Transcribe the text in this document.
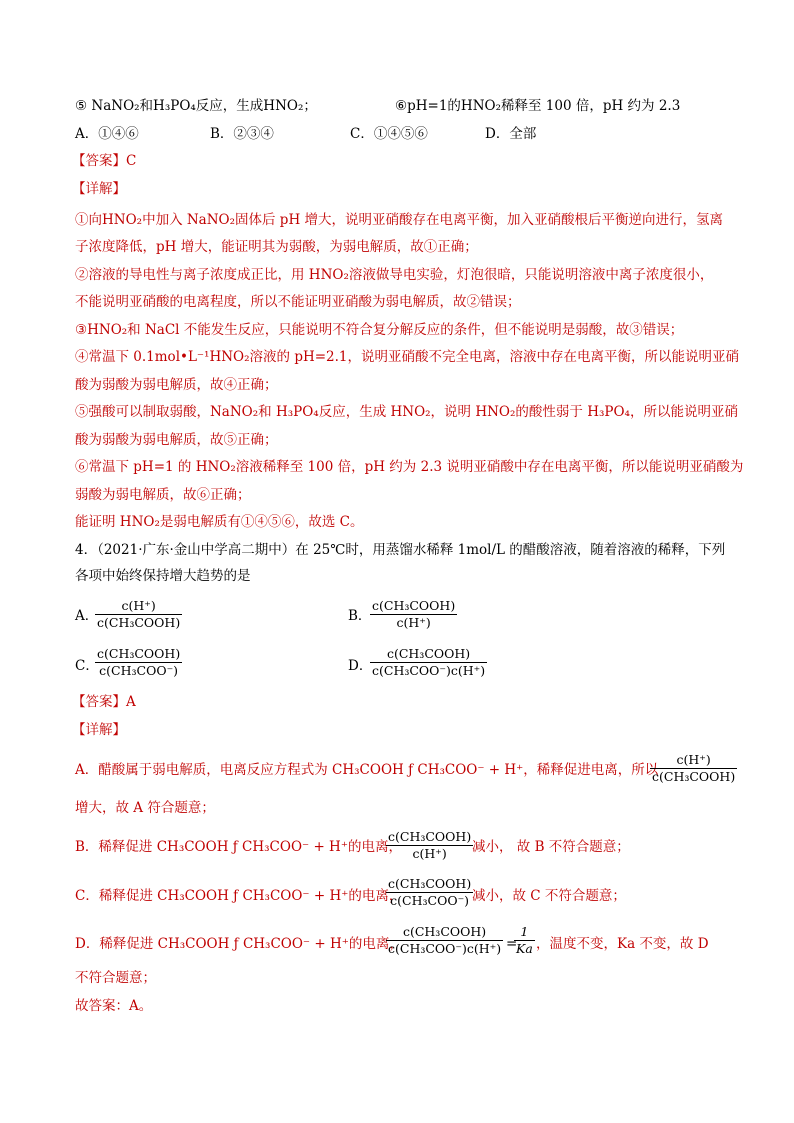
⑤ NaNO₂和H₃PO₄反应，生成HNO₂；	⑥pH=1的HNO₂稀释至 100 倍，pH 约为 2.3
A．①④⑥	B．②③④	C．①④⑤⑥	D．全部
【答案】C
【详解】
①向HNO₂中加入 NaNO₂固体后 pH 增大，说明亚硝酸存在电离平衡，加入亚硝酸根后平衡逆向进行，氢离
子浓度降低，pH 增大，能证明其为弱酸，为弱电解质，故①正确；
②溶液的导电性与离子浓度成正比，用 HNO₂溶液做导电实验，灯泡很暗，只能说明溶液中离子浓度很小，
不能说明亚硝酸的电离程度，所以不能证明亚硝酸为弱电解质，故②错误；
③HNO₂和 NaCl 不能发生反应，只能说明不符合复分解反应的条件，但不能说明是弱酸，故③错误；
④常温下 0.1mol•L⁻¹HNO₂溶液的 pH=2.1，说明亚硝酸不完全电离，溶液中存在电离平衡，所以能说明亚硝
酸为弱酸为弱电解质，故④正确；
⑤强酸可以制取弱酸，NaNO₂和 H₃PO₄反应，生成 HNO₂，说明 HNO₂的酸性弱于 H₃PO₄，所以能说明亚硝
酸为弱酸为弱电解质，故⑤正确；
⑥常温下 pH=1 的 HNO₂溶液稀释至 100 倍，pH 约为 2.3 说明亚硝酸中存在电离平衡，所以能说明亚硝酸为
弱酸为弱电解质，故⑥正确；
能证明 HNO₂是弱电解质有①④⑤⑥，故选 C。
4．（2021·广东·金山中学高二期中）在 25℃时，用蒸馏水稀释 1mol/L 的醋酸溶液，随着溶液的稀释，下列
各项中始终保持增大趋势的是
A．
c(H⁺)
c(CH₃COOH)	B．
c(CH₃COOH)
c(H⁺)
C．
c(CH₃COOH)
c(CH₃COO⁻)	D．
c(CH₃COOH)
c(CH₃COO⁻)c(H⁺)
【答案】A
【详解】
A．醋酸属于弱电解质，电离反应方程式为 CH₃COOH ƒ CH₃COO⁻ + H⁺，稀释促进电离，所以
c(H⁺)
c(CH₃COOH)
增大，故 A 符合题意；
B．稀释促进 CH₃COOH ƒ CH₃COO⁻ + H⁺的电离，
c(CH₃COOH)
c(H⁺)	减小， 故 B 不符合题意；
C．稀释促进 CH₃COOH ƒ CH₃COO⁻ + H⁺的电离，
c(CH₃COOH)
c(CH₃COO⁻) 减小，故 C 不符合题意；
D．稀释促进 CH₃COOH ƒ CH₃COO⁻ + H⁺的电离，
c(CH₃COOH)
c(CH₃COO⁻)c(H⁺) =
$\frac{1}{Ka}$ ，温度不变，Ka 不变，故 D
不符合题意；
故答案：A。
